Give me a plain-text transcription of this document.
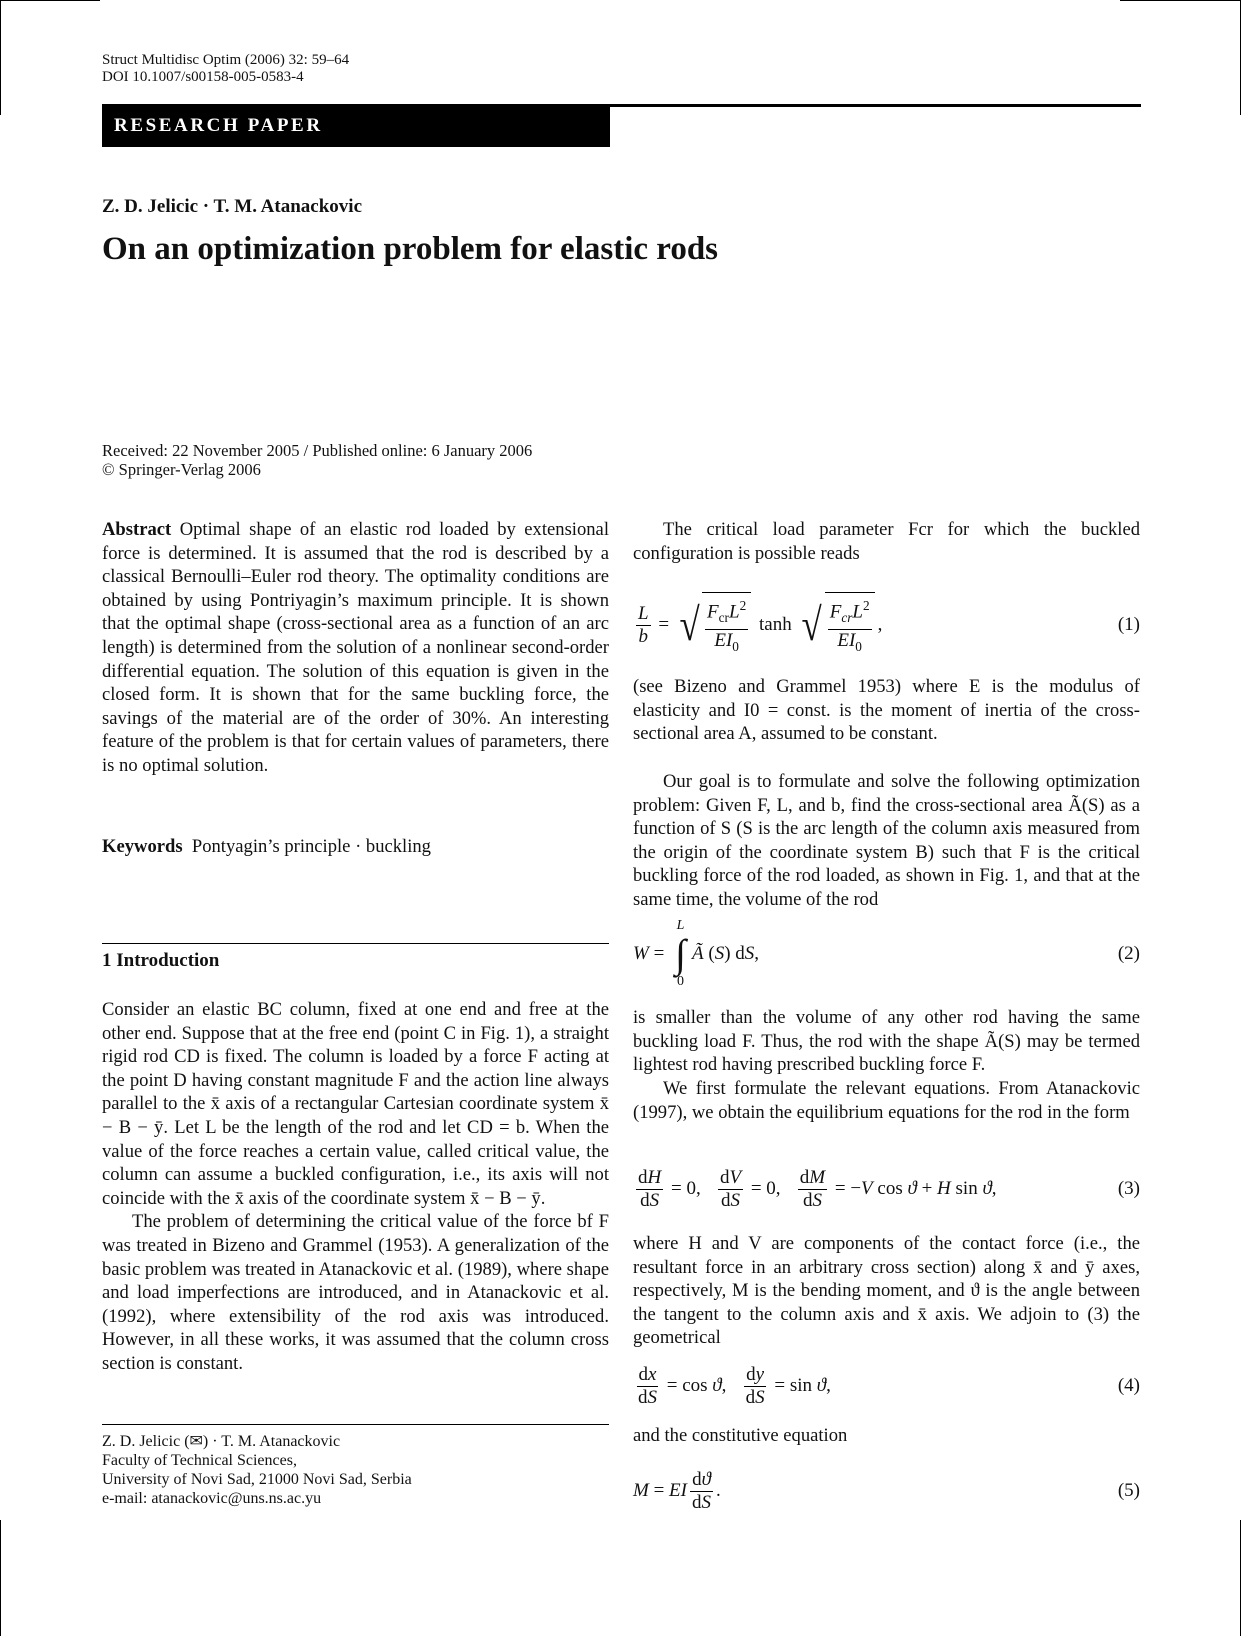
Struct Multidisc Optim (2006) 32: 59–64
DOI 10.1007/s00158-005-0583-4
RESEARCH PAPER
Z. D. Jelicic · T. M. Atanackovic
On an optimization problem for elastic rods
Received: 22 November 2005 / Published online: 6 January 2006
© Springer-Verlag 2006

Abstract Optimal shape of an elastic rod loaded by extensional force is determined. It is assumed that the rod is described by a classical Bernoulli–Euler rod theory. The optimality conditions are obtained by using Pontriyagin’s maximum principle. It is shown that the optimal shape (cross-sectional area as a function of an arc length) is determined from the solution of a nonlinear second-order differential equation. The solution of this equation is given in the closed form. It is shown that for the same buckling force, the savings of the material are of the order of 30%. An interesting feature of the problem is that for certain values of parameters, there is no optimal solution.

Keywords Pontyagin’s principle · buckling

1 Introduction

Consider an elastic BC column, fixed at one end and free at the other end. Suppose that at the free end (point C in Fig. 1), a straight rigid rod CD is fixed. The column is loaded by a force F acting at the point D having constant magnitude F and the action line always parallel to the x̄ axis of a rectangular Cartesian coordinate system x̄ − B − ȳ. Let L be the length of the rod and let CD = b. When the value of the force reaches a certain value, called critical value, the column can assume a buckled configuration, i.e., its axis will not coincide with the x̄ axis of the coordinate system x̄ − B − ȳ.

The problem of determining the critical value of the force bf F was treated in Bizeno and Grammel (1953). A generalization of the basic problem was treated in Atanackovic et al. (1989), where shape and load imperfections are introduced, and in Atanackovic et al. (1992), where extensibility of the rod axis was introduced. However, in all these works, it was assumed that the column cross section is constant.

Z. D. Jelicic (✉) · T. M. Atanackovic
Faculty of Technical Sciences,
University of Novi Sad, 21000 Novi Sad, Serbia
e-mail: atanackovic@uns.ns.ac.yu
The critical load parameter Fcr for which the buckled configuration is possible reads
$\frac{L}{b}$ = √ $\frac{F_{cr}L^2}{EI_0}$ tanh √ $\frac{F_{cr}L^2}{EI_0}$ ,	(1)
(see Bizeno and Grammel 1953) where E is the modulus of elasticity and I0 = const. is the moment of inertia of the cross-sectional area A, assumed to be constant.
Our goal is to formulate and solve the following optimization problem: Given F, L, and b, find the cross-sectional area Ã(S) as a function of S (S is the arc length of the column axis measured from the origin of the coordinate system B) such that F is the critical buckling force of the rod loaded, as shown in Fig. 1, and that at the same time, the volume of the rod
W =
L
∫
0
Ã ( S ) d S ,	(2)
is smaller than the volume of any other rod having the same buckling load F. Thus, the rod with the shape Ã(S) may be termed lightest rod having prescribed buckling force F.
We first formulate the relevant equations. From Atanackovic (1997), we obtain the equilibrium equations for the rod in the form
$\frac{dH}{dS} = 0$, $\frac{dV}{dS} = 0$, $\frac{dM}{dS}$ = − V cos ϑ + H sin ϑ ,	(3)
where H and V are components of the contact force (i.e., the resultant force in an arbitrary cross section) along x̄ and ȳ axes, respectively, M is the bending moment, and ϑ is the angle between the tangent to the column axis and x̄ axis. We adjoin to (3) the geometrical
$\frac{dx}{dS} = \cos ϑ$ , $\frac{dy}{dS} = \sin ϑ$ ,	(4)
and the constitutive equation
M = EI $\frac{dϑ}{dS}$ .	(5)
